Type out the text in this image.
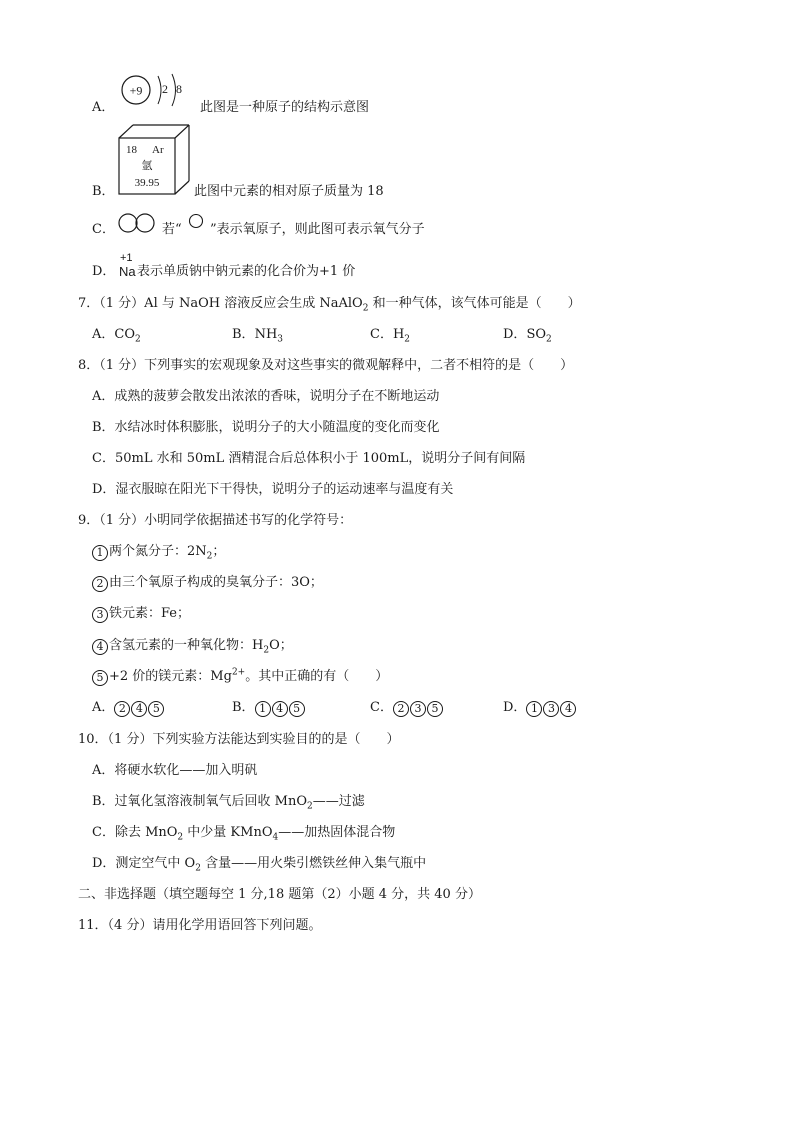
A．
+9 2 8
此图是一种原子的结构示意图
B．
18 Ar
氩
39.95
此图中元素的相对原子质量为 18
C．	若“ ”表示氧原子，则此图可表示氧气分子
D．
+1
Na 表示单质钠中钠元素的化合价为+1 价
7．（1 分）Al 与 NaOH 溶液反应会生成 NaAlO$_2$ 和一种气体，该气体可能是（　　）
A．$CO_2$	B．$NH_3$	C．$H_2$	D．$SO_2$
8．（1 分）下列事实的宏观现象及对这些事实的微观解释中，二者不相符的是（　　）
A．成熟的菠萝会散发出浓浓的香味，说明分子在不断地运动
B．水结冰时体积膨胀，说明分子的大小随温度的变化而变化
C．50mL 水和 50mL 酒精混合后总体积小于 100mL，说明分子间有间隔
D．湿衣服晾在阳光下干得快，说明分子的运动速率与温度有关
9．（1 分）小明同学依据描述书写的化学符号：
1 两个氮分子：$2N_2$；
2 由三个氧原子构成的臭氧分子：3O；
3 铁元素：Fe；
4 含氢元素的一种氧化物：$H_2O$；
5 +2 价的镁元素：$Mg^{2+}$。其中正确的有（　　）
A． 2 4 5	B． 1 4 5	C． 2 3 5	D． 1 3 4
10．（1 分）下列实验方法能达到实验目的的是（　　）
A．将硬水软化——加入明矾
B．过氧化氢溶液制氧气后回收 MnO$_2$——过滤
C．除去 MnO$_2$ 中少量 KMnO$_4$——加热固体混合物
D．测定空气中 $O_2$ 含量——用火柴引燃铁丝伸入集气瓶中
二、非选择题（填空题每空 1 分,18 题第（2）小题 4 分，共 40 分）
11．（4 分）请用化学用语回答下列问题。
